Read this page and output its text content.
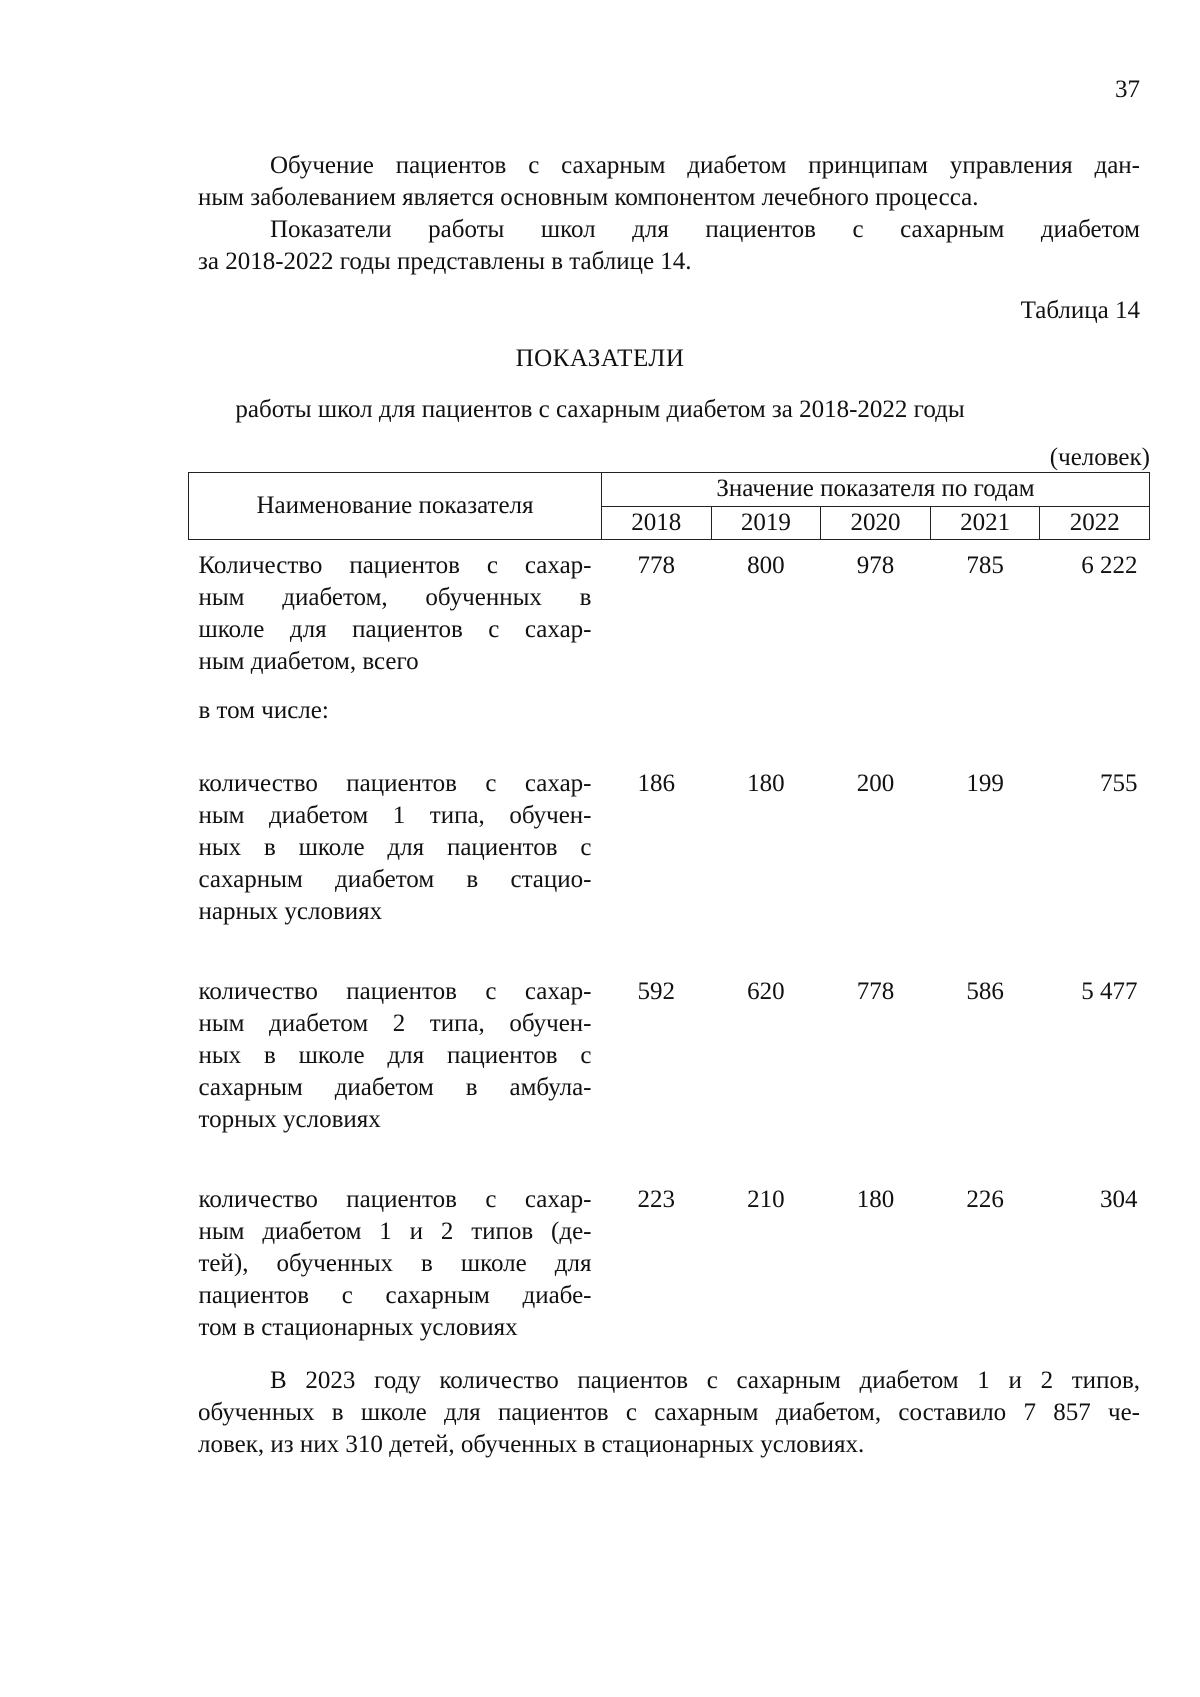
37

Обучение пациентов с сахарным диабетом принципам управления дан-
ным заболеванием является основным компонентом лечебного процесса.

Показатели работы школ для пациентов с сахарным диабетом
за 2018-2022 годы представлены в таблице 14.

Таблица 14
ПОКАЗАТЕЛИ
работы школ для пациентов с сахарным диабетом за 2018-2022 годы
(человек)
Наименование показателя	Значение показателя по годам				
	2018	2019	2020	2021	2022

Количество пациентов с сахар-
ным диабетом, обученных в
школе для пациентов с сахар-
ным диабетом, всего	778	800	978	785	6 222

в том числе:					

количество пациентов с сахар-
ным диабетом 1 типа, обучен-
ных в школе для пациентов с
сахарным диабетом в стацио-
нарных условиях	186	180	200	199	755

количество пациентов с сахар-
ным диабетом 2 типа, обучен-
ных в школе для пациентов с
сахарным диабетом в амбула-
торных условиях	592	620	778	586	5 477

количество пациентов с сахар-
ным диабетом 1 и 2 типов (де-
тей), обученных в школе для
пациентов с сахарным диабе-
том в стационарных условиях	223	210	180	226	304

В 2023 году количество пациентов с сахарным диабетом 1 и 2 типов,
обученных в школе для пациентов с сахарным диабетом, составило 7 857 че-
ловек, из них 310 детей, обученных в стационарных условиях.
